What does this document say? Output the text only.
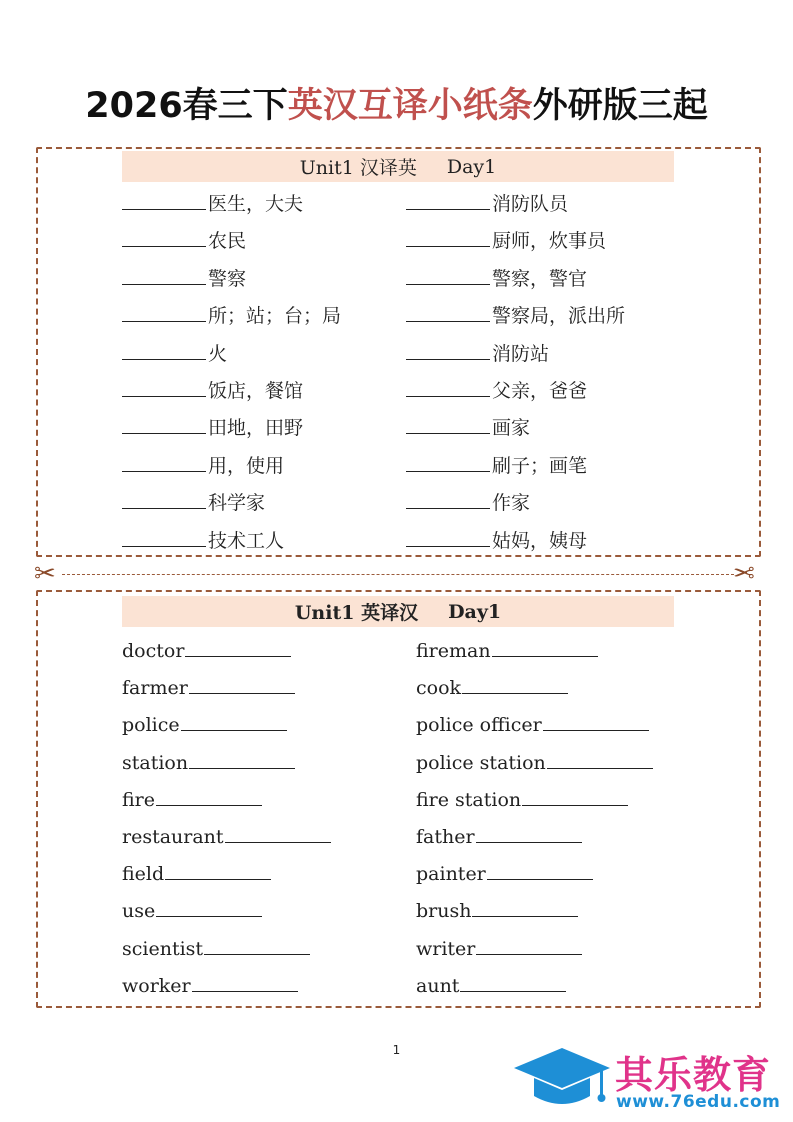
2026春三下英汉互译小纸条外研版三起
Unit1 汉译英 Day1
医生，大夫
农民
警察
所；站；台；局
火
饭店，餐馆
田地，田野
用，使用
科学家
技术工人
消防队员
厨师，炊事员
警察，警官
警察局，派出所
消防站
父亲，爸爸
画家
刷子；画笔
作家
姑妈，姨母
✂	✂
Unit1 英译汉 Day1
doctor
farmer
police
station
fire
restaurant
field
use
scientist
worker
fireman
cook
police officer
police station
fire station
father
painter
brush
writer
aunt
1
其乐教育
www.76edu.com
